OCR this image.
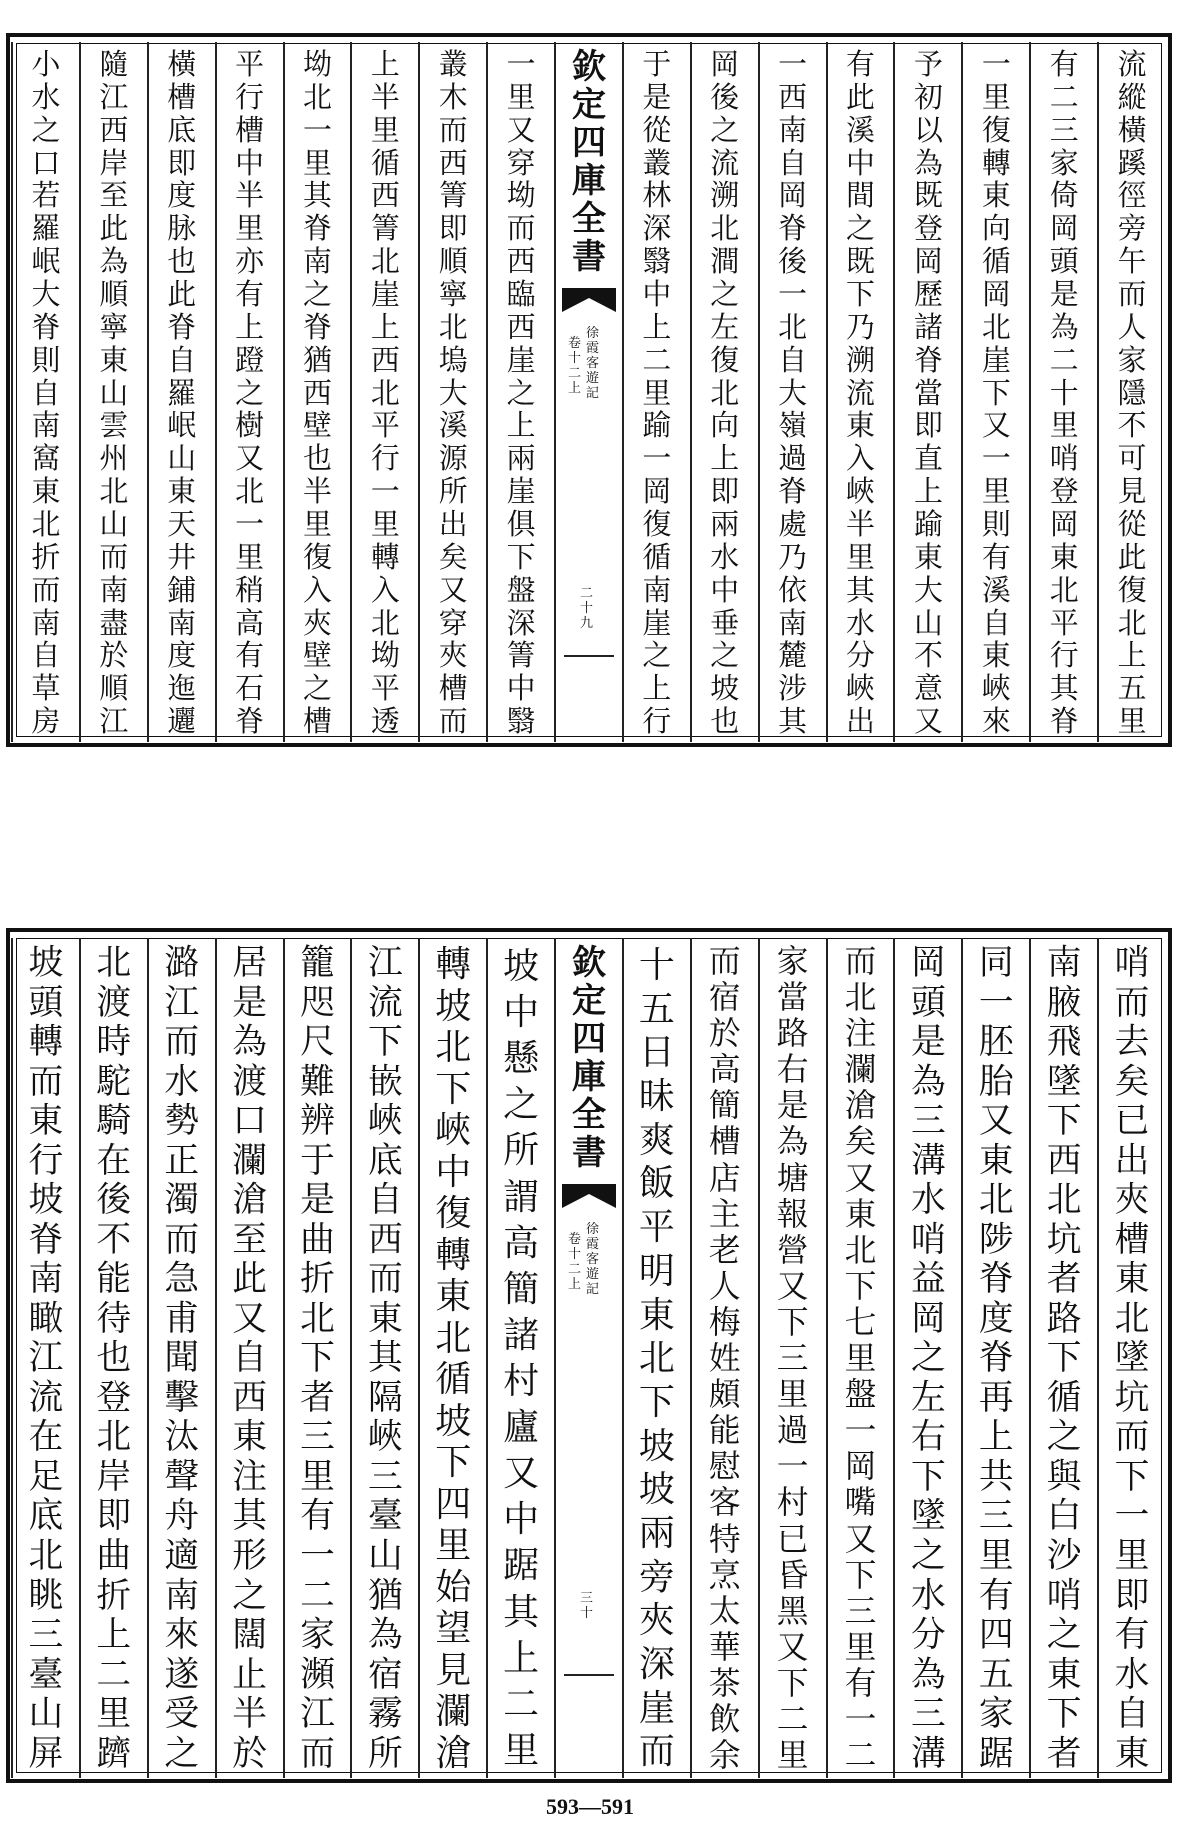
流
縱
橫
蹊
徑
旁
午
而
人
家
隱
不
可
見
從
此
復
北
上
五
里
有
二
三
家
倚
岡
頭
是
為
二
十
里
哨
登
岡
東
北
平
行
其
脊
一
里
復
轉
東
向
循
岡
北
崖
下
又
一
里
則
有
溪
自
東
峽
來
予
初
以
為
既
登
岡
歷
諸
脊
當
即
直
上
踰
東
大
山
不
意
又
有
此
溪
中
間
之
既
下
乃
溯
流
東
入
峽
半
里
其
水
分
峽
出
一
西
南
自
岡
脊
後
一
北
自
大
嶺
過
脊
處
乃
依
南
麓
涉
其
岡
後
之
流
溯
北
澗
之
左
復
北
向
上
即
兩
水
中
垂
之
坡
也
于
是
從
叢
林
深
翳
中
上
二
里
踰
一
岡
復
循
南
崖
之
上
行
一
里
又
穿
坳
而
西
臨
西
崖
之
上
兩
崖
俱
下
盤
深
箐
中
翳
叢
木
而
西
箐
即
順
寧
北
塢
大
溪
源
所
出
矣
又
穿
夾
槽
而
上
半
里
循
西
箐
北
崖
上
西
北
平
行
一
里
轉
入
北
坳
平
透
坳
北
一
里
其
脊
南
之
脊
猶
西
壁
也
半
里
復
入
夾
壁
之
槽
平
行
槽
中
半
里
亦
有
上
蹬
之
樹
又
北
一
里
稍
高
有
石
脊
橫
槽
底
即
度
脉
也
此
脊
自
羅
岷
山
東
天
井
鋪
南
度
迤
邐
隨
江
西
岸
至
此
為
順
寧
東
山
雲
州
北
山
而
南
盡
於
順
江
小
水
之
口
若
羅
岷
大
脊
則
自
南
窩
東
北
折
而
南
自
草
房
欽
定
四
庫
全
書
徐
霞
客
遊
記
卷
十
二
上
二
十
九
哨
而
去
矣
已
出
夾
槽
東
北
墜
坑
而
下
一
里
即
有
水
自
東
南
腋
飛
墜
下
西
北
坑
者
路
下
循
之
與
白
沙
哨
之
東
下
者
同
一
胚
胎
又
東
北
陟
脊
度
脊
再
上
共
三
里
有
四
五
家
踞
岡
頭
是
為
三
溝
水
哨
益
岡
之
左
右
下
墜
之
水
分
為
三
溝
而
北
注
瀾
滄
矣
又
東
北
下
七
里
盤
一
岡
嘴
又
下
三
里
有
一
二
家
當
路
右
是
為
塘
報
營
又
下
三
里
過
一
村
已
昏
黑
又
下
二
里
而
宿
於
高
簡
槽
店
主
老
人
梅
姓
頗
能
慰
客
特
烹
太
華
茶
飲
余
十
五
日
昧
爽
飯
平
明
東
北
下
坡
坡
兩
旁
夾
深
崖
而
坡
中
懸
之
所
謂
高
簡
諸
村
廬
又
中
踞
其
上
二
里
轉
坡
北
下
峽
中
復
轉
東
北
循
坡
下
四
里
始
望
見
瀾
滄
江
流
下
嵌
峽
底
自
西
而
東
其
隔
峽
三
臺
山
猶
為
宿
霧
所
籠
咫
尺
難
辨
于
是
曲
折
北
下
者
三
里
有
一
二
家
瀕
江
而
居
是
為
渡
口
瀾
滄
至
此
又
自
西
東
注
其
形
之
闊
止
半
於
潞
江
而
水
勢
正
濁
而
急
甫
聞
擊
汰
聲
舟
適
南
來
遂
受
之
北
渡
時
駝
騎
在
後
不
能
待
也
登
北
岸
即
曲
折
上
二
里
躋
坡
頭
轉
而
東
行
坡
脊
南
瞰
江
流
在
足
底
北
眺
三
臺
山
屏
欽
定
四
庫
全
書
徐
霞
客
遊
記
卷
十
二
上
三
十
593—591
